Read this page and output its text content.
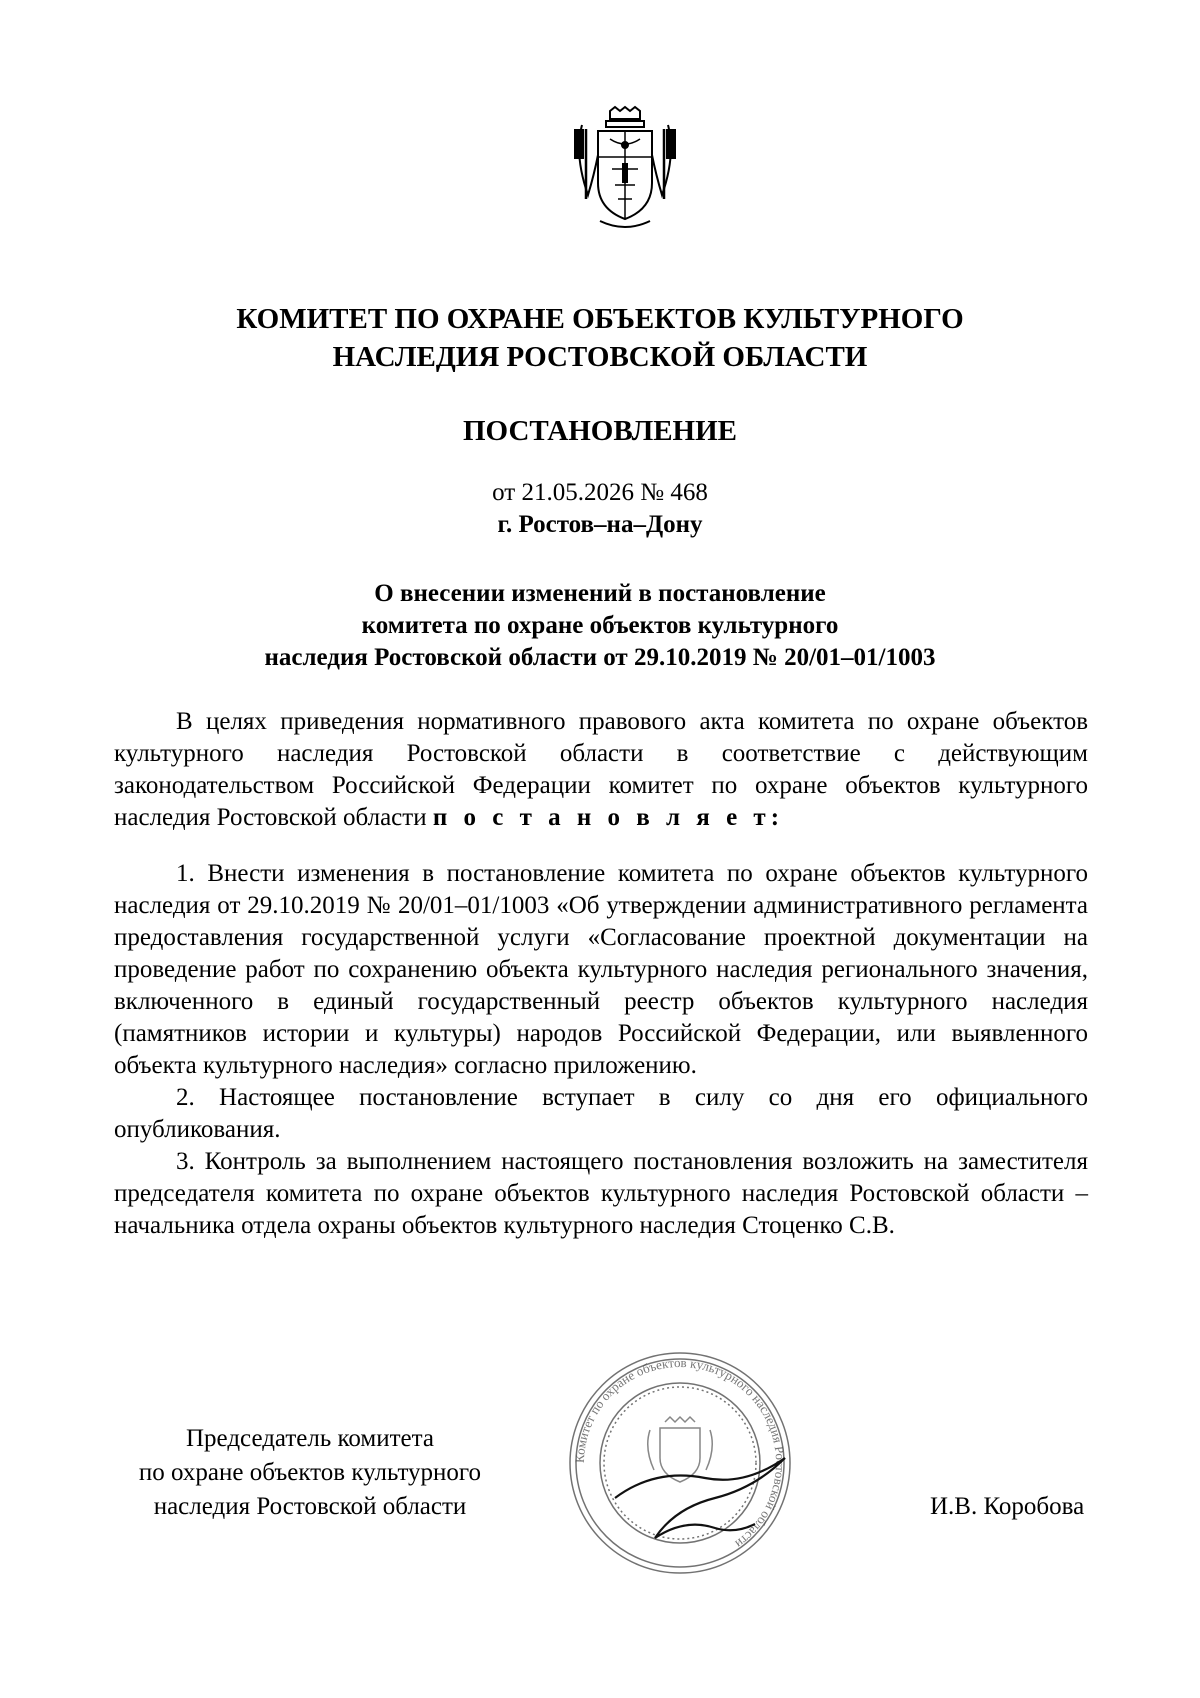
КОМИТЕТ ПО ОХРАНЕ ОБЪЕКТОВ КУЛЬТУРНОГО
НАСЛЕДИЯ РОСТОВСКОЙ ОБЛАСТИ
ПОСТАНОВЛЕНИЕ
от 21.05.2026 № 468
г. Ростов–на–Дону
О внесении изменений в постановление
комитета по охране объектов культурного
наследия Ростовской области от 29.10.2019 № 20/01–01/1003

В целях приведения нормативного правового акта комитета по охране объектов культурного наследия Ростовской области в соответствие с действующим законодательством Российской Федерации комитет по охране объектов культурного наследия Ростовской области п о с т а н о в л я е т:

1. Внести изменения в постановление комитета по охране объектов культурного наследия от 29.10.2019 № 20/01–01/1003 «Об утверждении административного регламента предоставления государственной услуги «Согласование проектной документации на проведение работ по сохранению объекта культурного наследия регионального значения, включенного в единый государственный реестр объектов культурного наследия (памятников истории и культуры) народов Российской Федерации, или выявленного объекта культурного наследия» согласно приложению.

2. Настоящее постановление вступает в силу со дня его официального опубликования.

3. Контроль за выполнением настоящего постановления возложить на заместителя председателя комитета по охране объектов культурного наследия Ростовской области – начальника отдела охраны объектов культурного наследия Стоценко С.В.

Председатель комитета
по охране объектов культурного
наследия Ростовской области
Комитет по охране объектов культурного наследия Ростовской области
И.В. Коробова
